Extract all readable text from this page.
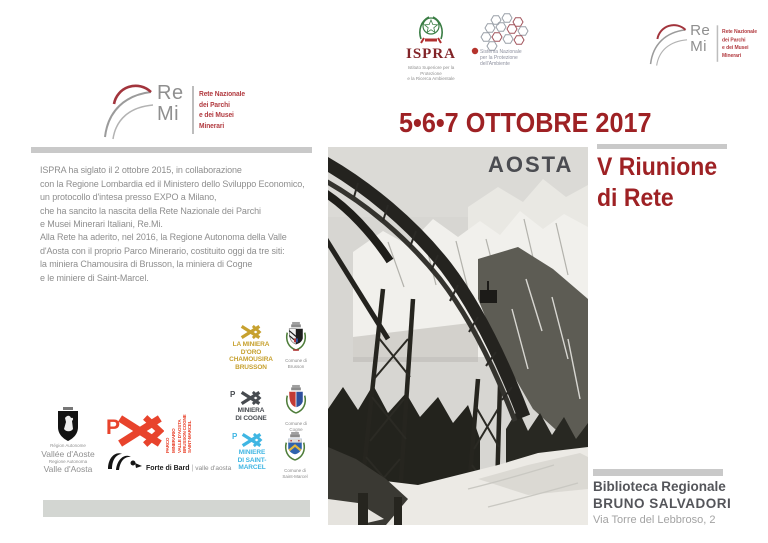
ISPRA
Istituto Superiore per la Protezione
e la Ricerca Ambientale
Sistema Nazionale
per la Protezione
dell'Ambiente
Re
Mi
Rete Nazionale
dei Parchi
e dei Musei
Minerari
Re
Mi
Rete Nazionale
dei Parchi
e dei Musei
Minerari

ISPRA ha siglato il 2 ottobre 2015, in collaborazione
con la Regione Lombardia ed il Ministero dello Sviluppo Economico,
un protocollo d'intesa presso EXPO a Milano,
che ha sancito la nascita della Rete Nazionale dei Parchi
e Musei Minerari Italiani, Re.Mi.

Alla Rete ha aderito, nel 2016, la Regione Autonoma della Valle
d'Aosta con il proprio Parco Minerario, costituito oggi da tre siti:
la miniera Chamousira di Brusson, la miniera di Cogne
e le miniere di Saint-Marcel.

LA MINIERA
D'ORO
CHAMOUSIRA
BRUSSON
Comune di
Brusson
P
MINIERA
DI COGNE
Comune di
Cogne
P
MINIERE
DI SAINT-
MARCEL	Comune di
Saint-Marcel
Région Autonome
Vallée d'Aoste
Regione Autonoma
Valle d'Aosta
P
PARCO MINERARIO VALLE D'AOSTA BRUSSON COGNE SAINT-MARCEL
Forte di Bard | valle d'aosta
5•6•7 OTTOBRE 2017
AOSTA V Riunione
di Rete
Biblioteca Regionale
BRUNO SALVADORI
Via Torre del Lebbroso, 2
